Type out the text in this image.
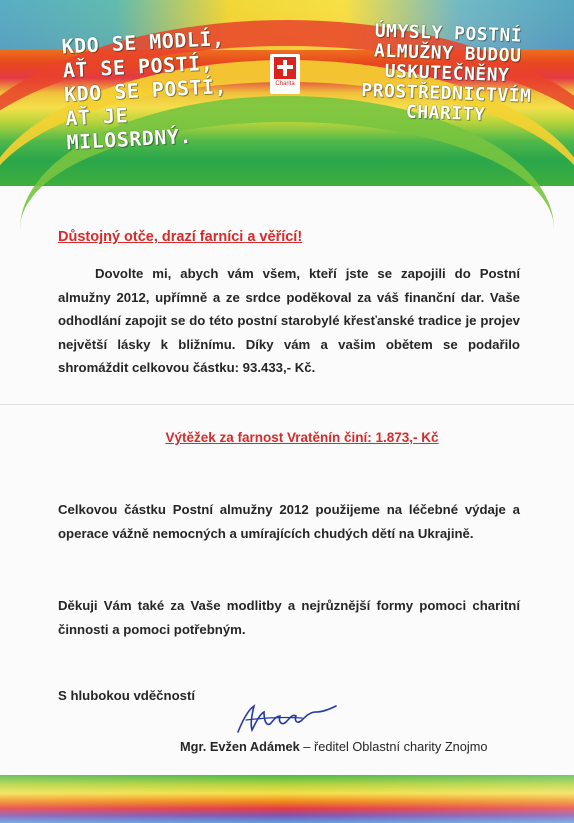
KDO SE MODLÍ,
AŤ SE POSTÍ,
KDO SE POSTÍ,
AŤ JE MILOSRDNÝ.
Charita
ÚMYSLY POSTNÍ
ALMUŽNY BUDOU
USKUTEČNĚNY
PROSTŘEDNICTVÍM
CHARITY
Důstojný otče, drazí farníci a věřící!
Dovolte mi, abych vám všem, kteří jste se zapojili do Postní almužny 2012, upřímně a ze srdce poděkoval za váš finanční dar. Vaše odhodlání zapojit se do této postní starobylé křesťanské tradice je projev největší lásky k bližnímu. Díky vám a vašim obětem se podařilo shromáždit celkovou částku: 93.433,- Kč.
Výtěžek za farnost Vratěnín činí: 1.873,- Kč
Celkovou částku Postní almužny 2012 použijeme na léčebné výdaje a operace vážně nemocných a umírajících chudých dětí na Ukrajině.
Děkuji Vám také za Vaše modlitby a nejrůznější formy pomoci charitní činnosti a pomoci potřebným.
S hlubokou vděčností
Mgr. Evžen Adámek – ředitel Oblastní charity Znojmo
